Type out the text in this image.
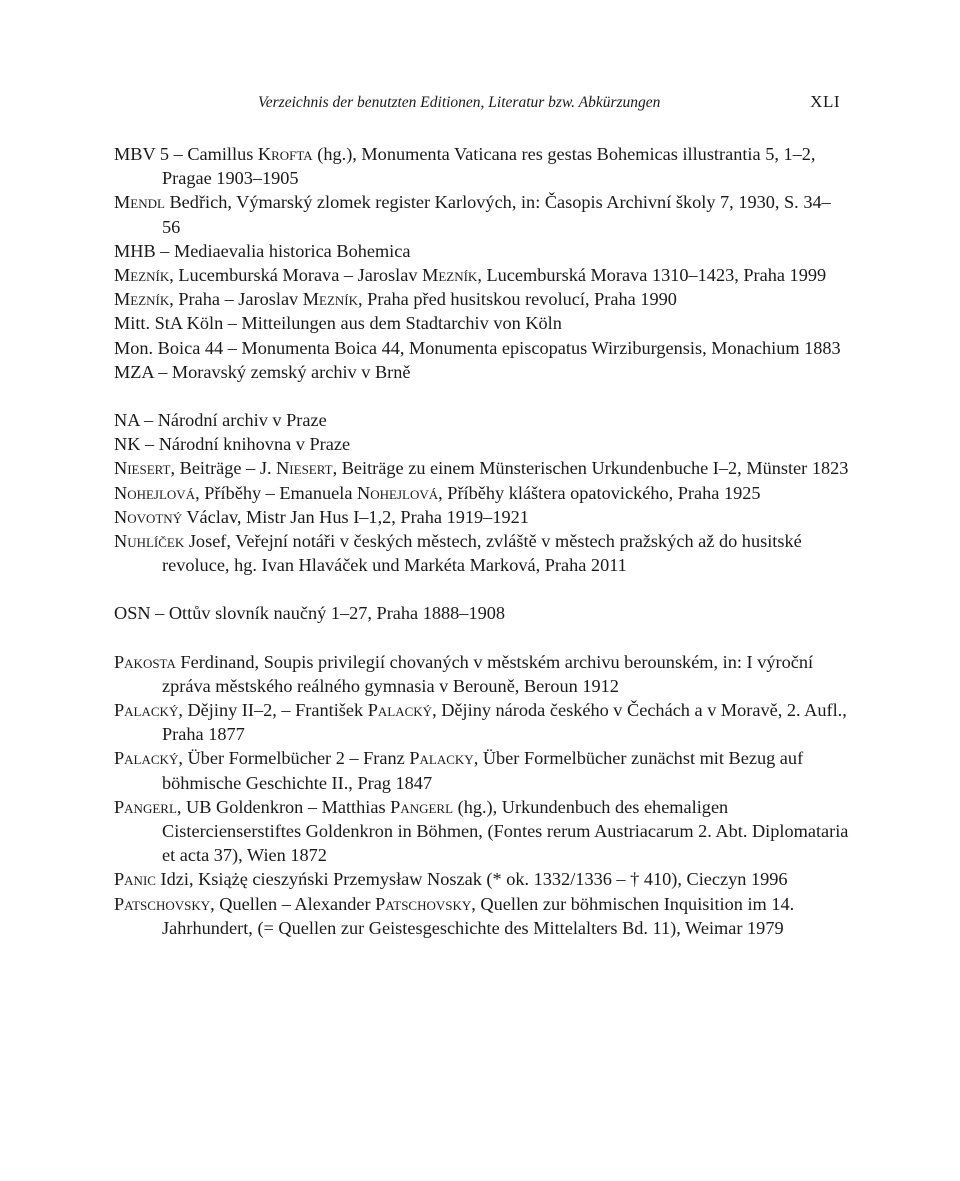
Verzeichnis der benutzten Editionen, Literatur bzw. Abkürzungen	XLI
MBV 5 – Camillus Krofta (hg.), Monumenta Vaticana res gestas Bohemicas illustrantia 5, 1–2, Pragae 1903–1905
Mendl Bedřich, Výmarský zlomek register Karlových, in: Časopis Archivní školy 7, 1930, S. 34–56
MHB – Mediaevalia historica Bohemica
Mezník, Lucemburská Morava – Jaroslav Mezník, Lucemburská Morava 1310–1423, Praha 1999
Mezník, Praha – Jaroslav Mezník, Praha před husitskou revolucí, Praha 1990
Mitt. StA Köln – Mitteilungen aus dem Stadtarchiv von Köln
Mon. Boica 44 – Monumenta Boica 44, Monumenta episcopatus Wirziburgensis, Monachium 1883
MZA – Moravský zemský archiv v Brně
NA – Národní archiv v Praze
NK – Národní knihovna v Praze
Niesert, Beiträge – J. Niesert, Beiträge zu einem Münsterischen Urkundenbuche I–2, Münster 1823
Nohejlová, Příběhy – Emanuela Nohejlová, Příběhy kláštera opatovického, Praha 1925
Novotný Václav, Mistr Jan Hus I–1,2, Praha 1919–1921
Nuhlíček Josef, Veřejní notáři v českých městech, zvláště v městech pražských až do husitské revoluce, hg. Ivan Hlaváček und Markéta Marková, Praha 2011
OSN – Ottův slovník naučný 1–27, Praha 1888–1908
Pakosta Ferdinand, Soupis privilegií chovaných v městském archivu berounském, in: I výroční zpráva městského reálného gymnasia v Berouně, Beroun 1912
Palacký, Dějiny II–2, – František Palacký, Dějiny národa českého v Čechách a v Moravě, 2. Aufl., Praha 1877
Palacký, Über Formelbücher 2 – Franz Palacky, Über Formelbücher zunächst mit Bezug auf böhmische Geschichte II., Prag 1847
Pangerl, UB Goldenkron – Matthias Pangerl (hg.), Urkundenbuch des ehemaligen Cistercienserstiftes Goldenkron in Böhmen, (Fontes rerum Austriacarum 2. Abt. Diplomataria et acta 37), Wien 1872
Panic Idzi, Książę cieszyński Przemysław Noszak (* ok. 1332/1336 – † 410), Cieczyn 1996
Patschovsky, Quellen – Alexander Patschovsky, Quellen zur böhmischen Inquisition im 14. Jahrhundert, (= Quellen zur Geistesgeschichte des Mittelalters Bd. 11), Weimar 1979
